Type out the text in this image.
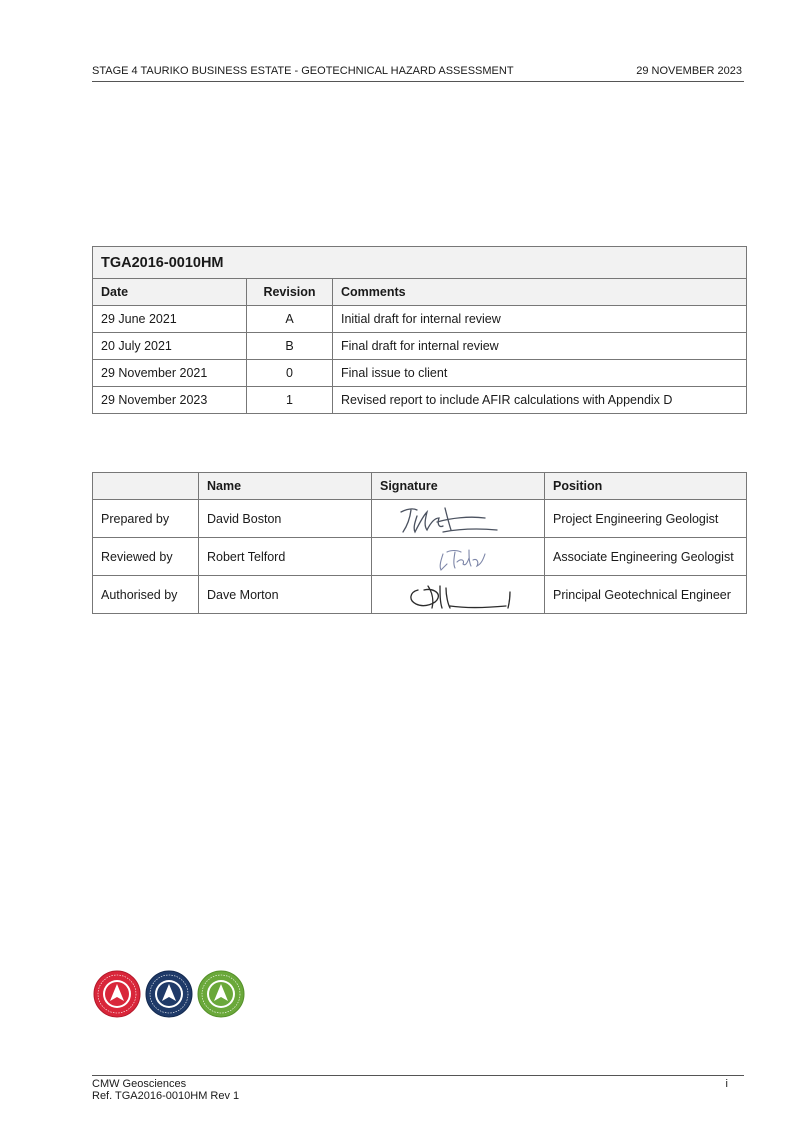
STAGE 4 TAURIKO BUSINESS ESTATE - GEOTECHNICAL HAZARD ASSESSMENT	29 NOVEMBER 2023
TGA2016-0010HM		
Date	Revision	Comments
29 June 2021	A	Initial draft for internal review
20 July 2021	B	Final draft for internal review
29 November 2021	0	Final issue to client
29 November 2023	1	Revised report to include AFIR calculations with Appendix D
	Name	Signature	Position
Prepared by	David Boston		Project Engineering Geologist
Reviewed by	Robert Telford		Associate Engineering Geologist
Authorised by	Dave Morton		Principal Geotechnical Engineer
CMW Geosciences
Ref. TGA2016-0010HM Rev 1
i
